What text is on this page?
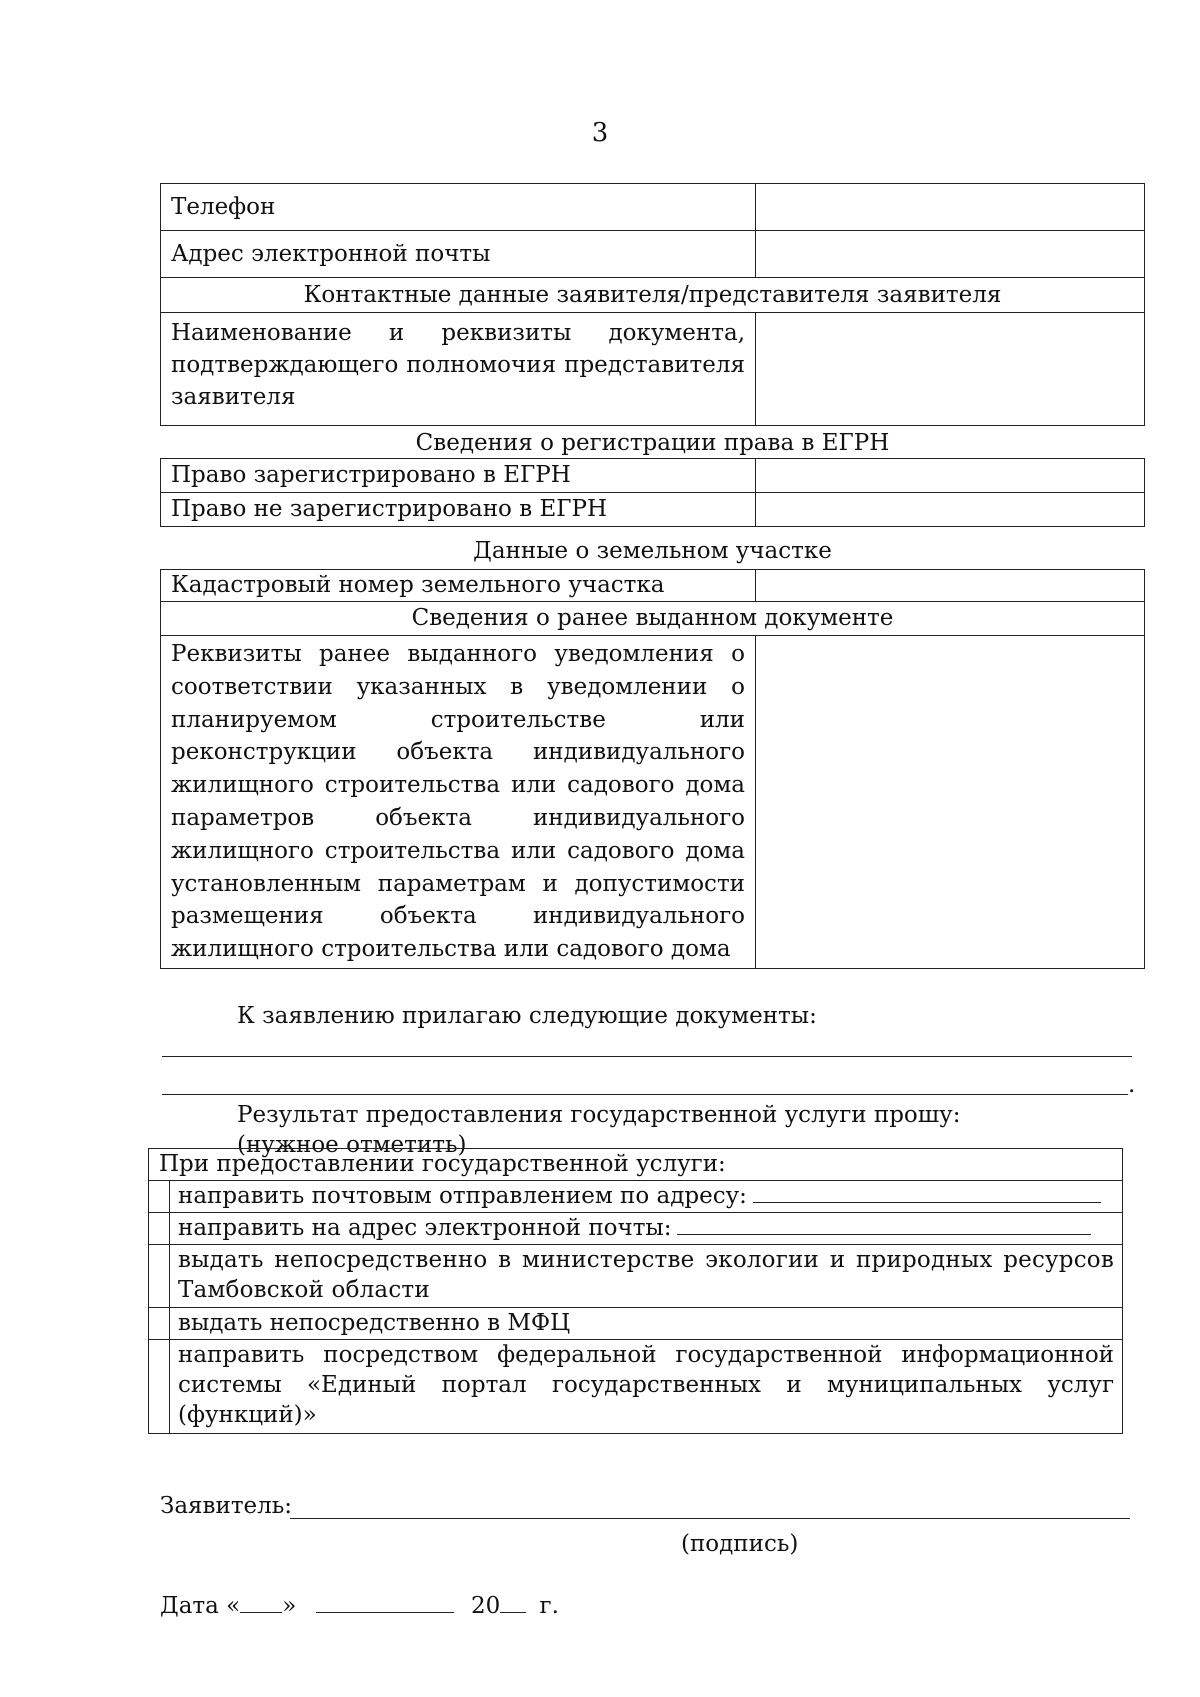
3
Телефон	
Адрес электронной почты	
Контактные данные заявителя/представителя заявителя	
Наименование и реквизиты документа, подтверждающего полномочия представителя заявителя	
Сведения о регистрации права в ЕГРН
Право зарегистрировано в ЕГРН	
Право не зарегистрировано в ЕГРН	
Данные о земельном участке
Кадастровый номер земельного участка	
Сведения о ранее выданном документе	
Реквизиты ранее выданного уведомления о соответствии указанных в уведомлении о планируемом строительстве или реконструкции объекта индивидуального жилищного строительства или садового дома параметров объекта индивидуального жилищного строительства или садового дома установленным параметрам и допустимости размещения объекта индивидуального жилищного строительства или садового дома	
К заявлению прилагаю следующие документы:
.
Результат предоставления государственной услуги прошу:
(нужное отметить)
При предоставлении государственной услуги:	
	направить почтовым отправлением по адресу:
	направить на адрес электронной почты:
	выдать непосредственно в министерстве экологии и природных ресурсов Тамбовской области
	выдать непосредственно в МФЦ
	направить посредством федеральной государственной информационной системы «Единый портал государственных и муниципальных услуг (функций)»
Заявитель:
(подпись)
Дата « »	20 г.
